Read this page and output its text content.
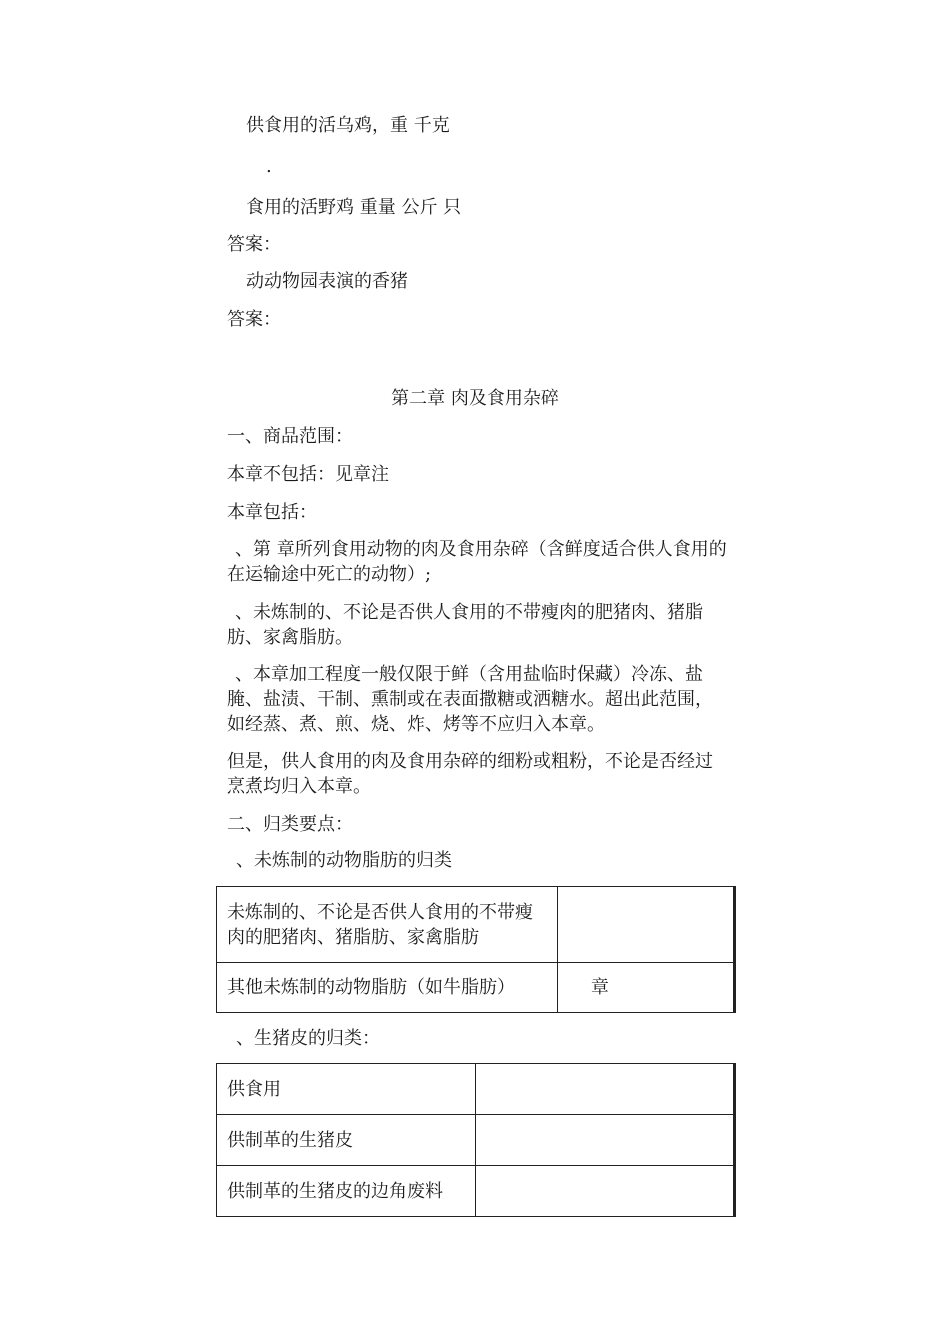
供食用的活乌鸡，重 千克
.
食用的活野鸡 重量 公斤 只
答案：
动动物园表演的香猪
答案：
第二章 肉及食用杂碎
一、商品范围：
本章不包括：见章注
本章包括：
、第 章所列食用动物的肉及食用杂碎（含鲜度适合供人食用的在运输途中死亡的动物）;
、未炼制的、不论是否供人食用的不带瘦肉的肥猪肉、猪脂肪、家禽脂肪。
、本章加工程度一般仅限于鲜（含用盐临时保藏）冷冻、盐腌、盐渍、干制、熏制或在表面撒糖或洒糖水。超出此范围，如经蒸、煮、煎、烧、炸、烤等不应归入本章。
但是，供人食用的肉及食用杂碎的细粉或粗粉，不论是否经过烹煮均归入本章。
二、归类要点：
、未炼制的动物脂肪的归类
未炼制的、不论是否供人食用的不带瘦肉的肥猪肉、猪脂肪、家禽脂肪	
其他未炼制的动物脂肪（如牛脂肪）	章
、生猪皮的归类：
供食用	
供制革的生猪皮	
供制革的生猪皮的边角废料	
